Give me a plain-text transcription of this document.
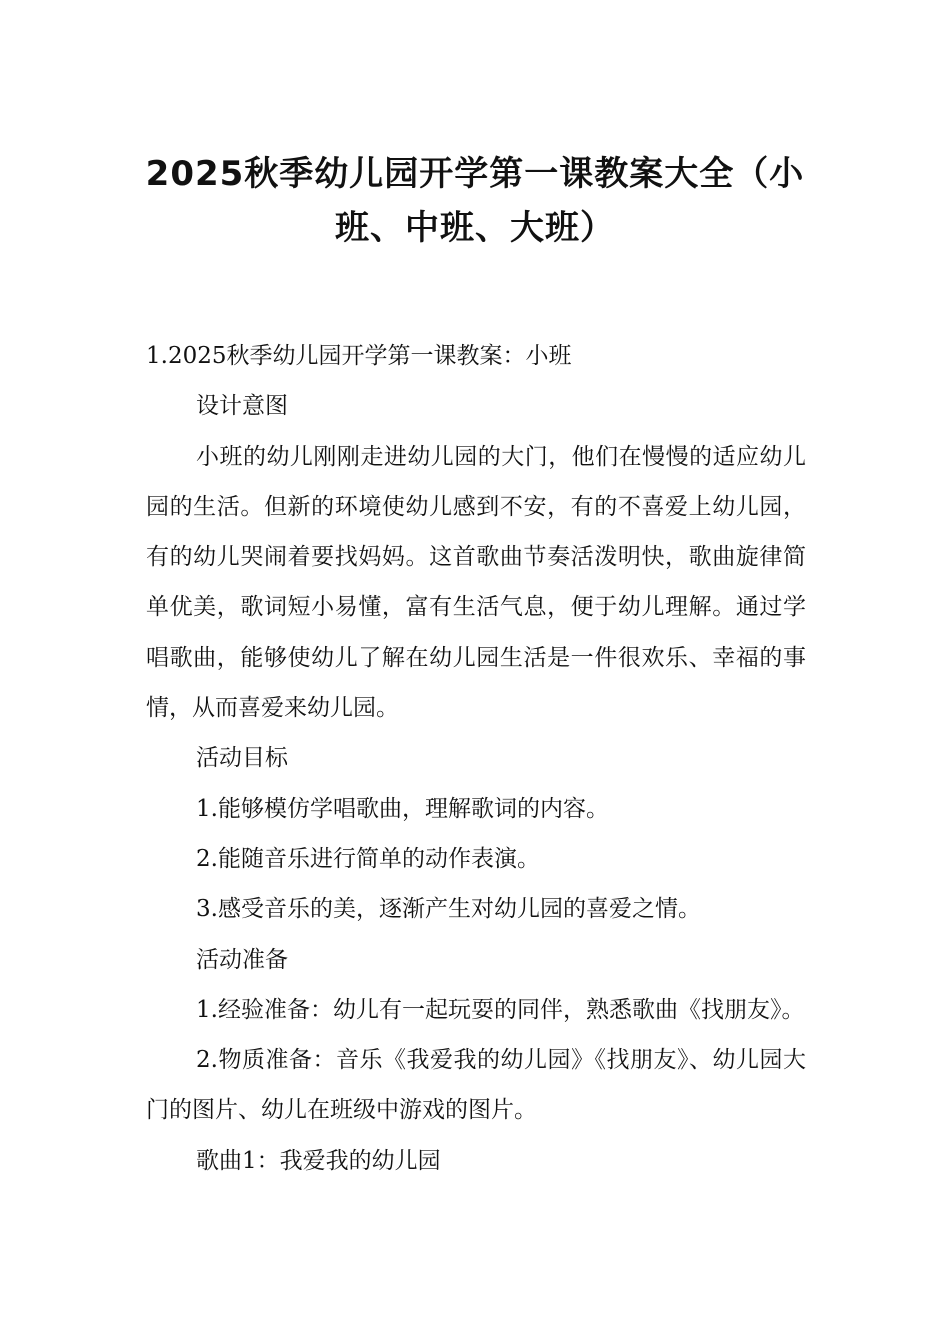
2025秋季幼儿园开学第一课教案大全（小
班、中班、大班）

1.2025秋季幼儿园开学第一课教案：小班

设计意图

小班的幼儿刚刚走进幼儿园的大门，他们在慢慢的适应幼儿园的生活。但新的环境使幼儿感到不安，有的不喜爱上幼儿园，有的幼儿哭闹着要找妈妈。这首歌曲节奏活泼明快，歌曲旋律简单优美，歌词短小易懂，富有生活气息，便于幼儿理解。通过学唱歌曲，能够使幼儿了解在幼儿园生活是一件很欢乐、幸福的事情，从而喜爱来幼儿园。

活动目标

1.能够模仿学唱歌曲，理解歌词的内容。

2.能随音乐进行简单的动作表演。

3.感受音乐的美，逐渐产生对幼儿园的喜爱之情。

活动准备

1.经验准备：幼儿有一起玩耍的同伴，熟悉歌曲《找朋友》。

2.物质准备：音乐《我爱我的幼儿园》《找朋友》、幼儿园大门的图片、幼儿在班级中游戏的图片。

歌曲1：我爱我的幼儿园
